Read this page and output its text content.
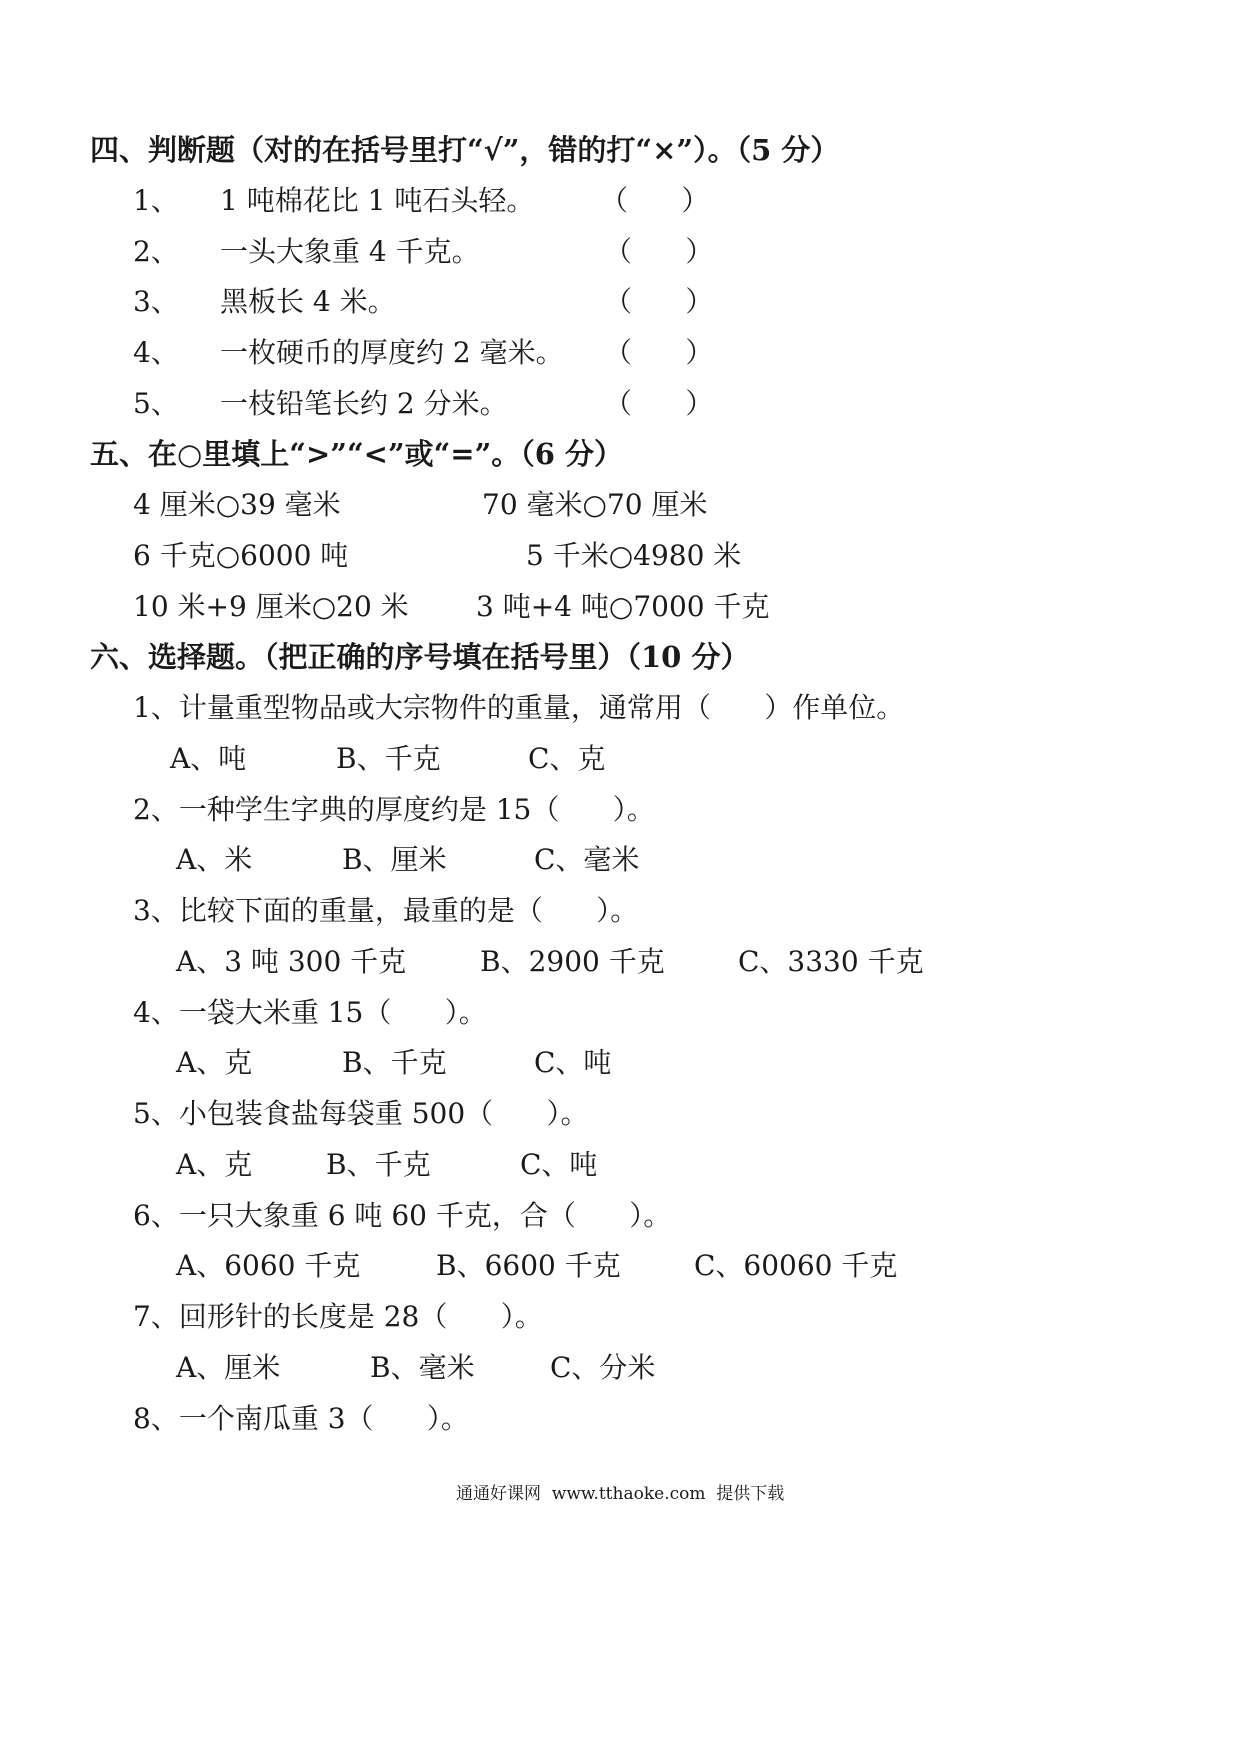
四、判断题（对的在括号里打“√”，错的打“×”）。（5 分）
1、 1 吨棉花比 1 吨石头轻。 （      ）
2、 一头大象重 4 千克。	（      ）
3、 黑板长 4 米。	（      ）
4、 一枚硬币的厚度约 2 毫米。 （      ）
5、 一枝铅笔长约 2 分米。	（      ）
五、在○里填上“>”“<”或“=”。（6 分）
4 厘米○39 毫米	70 毫米○70 厘米
6 千克○6000 吨	5 千米○4980 米
10 米+9 厘米○20 米 3 吨+4 吨○7000 千克
六、选择题。（把正确的序号填在括号里）（10 分）
1、计量重型物品或大宗物件的重量，通常用（      ）作单位。
A、吨	B、千克	C、克
2、一种学生字典的厚度约是 15（      ）。
A、米	B、厘米	C、毫米
3、比较下面的重量，最重的是（      ）。
A、3 吨 300 千克	B、2900 千克	C、3330 千克
4、一袋大米重 15（      ）。
A、克	B、千克	C、吨
5、小包装食盐每袋重 500（      ）。
A、克	B、千克	C、吨
6、一只大象重 6 吨 60 千克，合（      ）。
A、6060 千克	B、6600 千克	C、60060 千克
7、回形针的长度是 28（      ）。
A、厘米	B、毫米	C、分米
8、一个南瓜重 3（      ）。
通通好课网  www.tthaoke.com  提供下载
